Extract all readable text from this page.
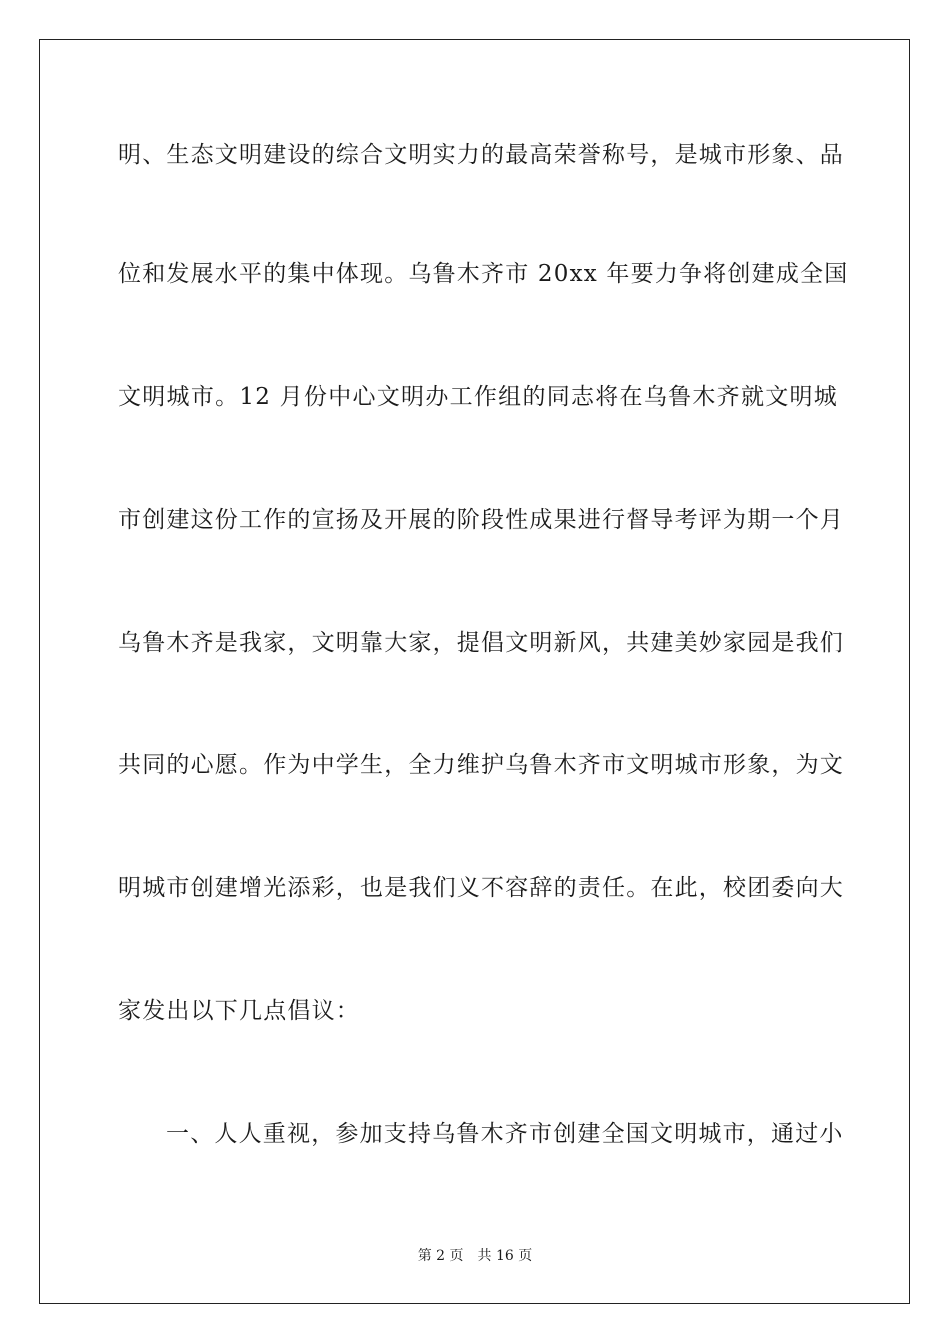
明、生态文明建设的综合文明实力的最高荣誉称号，是城市形象、品
位和发展水平的集中体现。乌鲁木齐市 20xx 年要力争将创建成全国
文明城市。12 月份中心文明办工作组的同志将在乌鲁木齐就文明城
市创建这份工作的宣扬及开展的阶段性成果进行督导考评为期一个月
乌鲁木齐是我家，文明靠大家，提倡文明新风，共建美妙家园是我们
共同的心愿。作为中学生，全力维护乌鲁木齐市文明城市形象，为文
明城市创建增光添彩，也是我们义不容辞的责任。在此，校团委向大
家发出以下几点倡议：
一、人人重视，参加支持乌鲁木齐市创建全国文明城市，通过小
第 2 页 共 16 页
